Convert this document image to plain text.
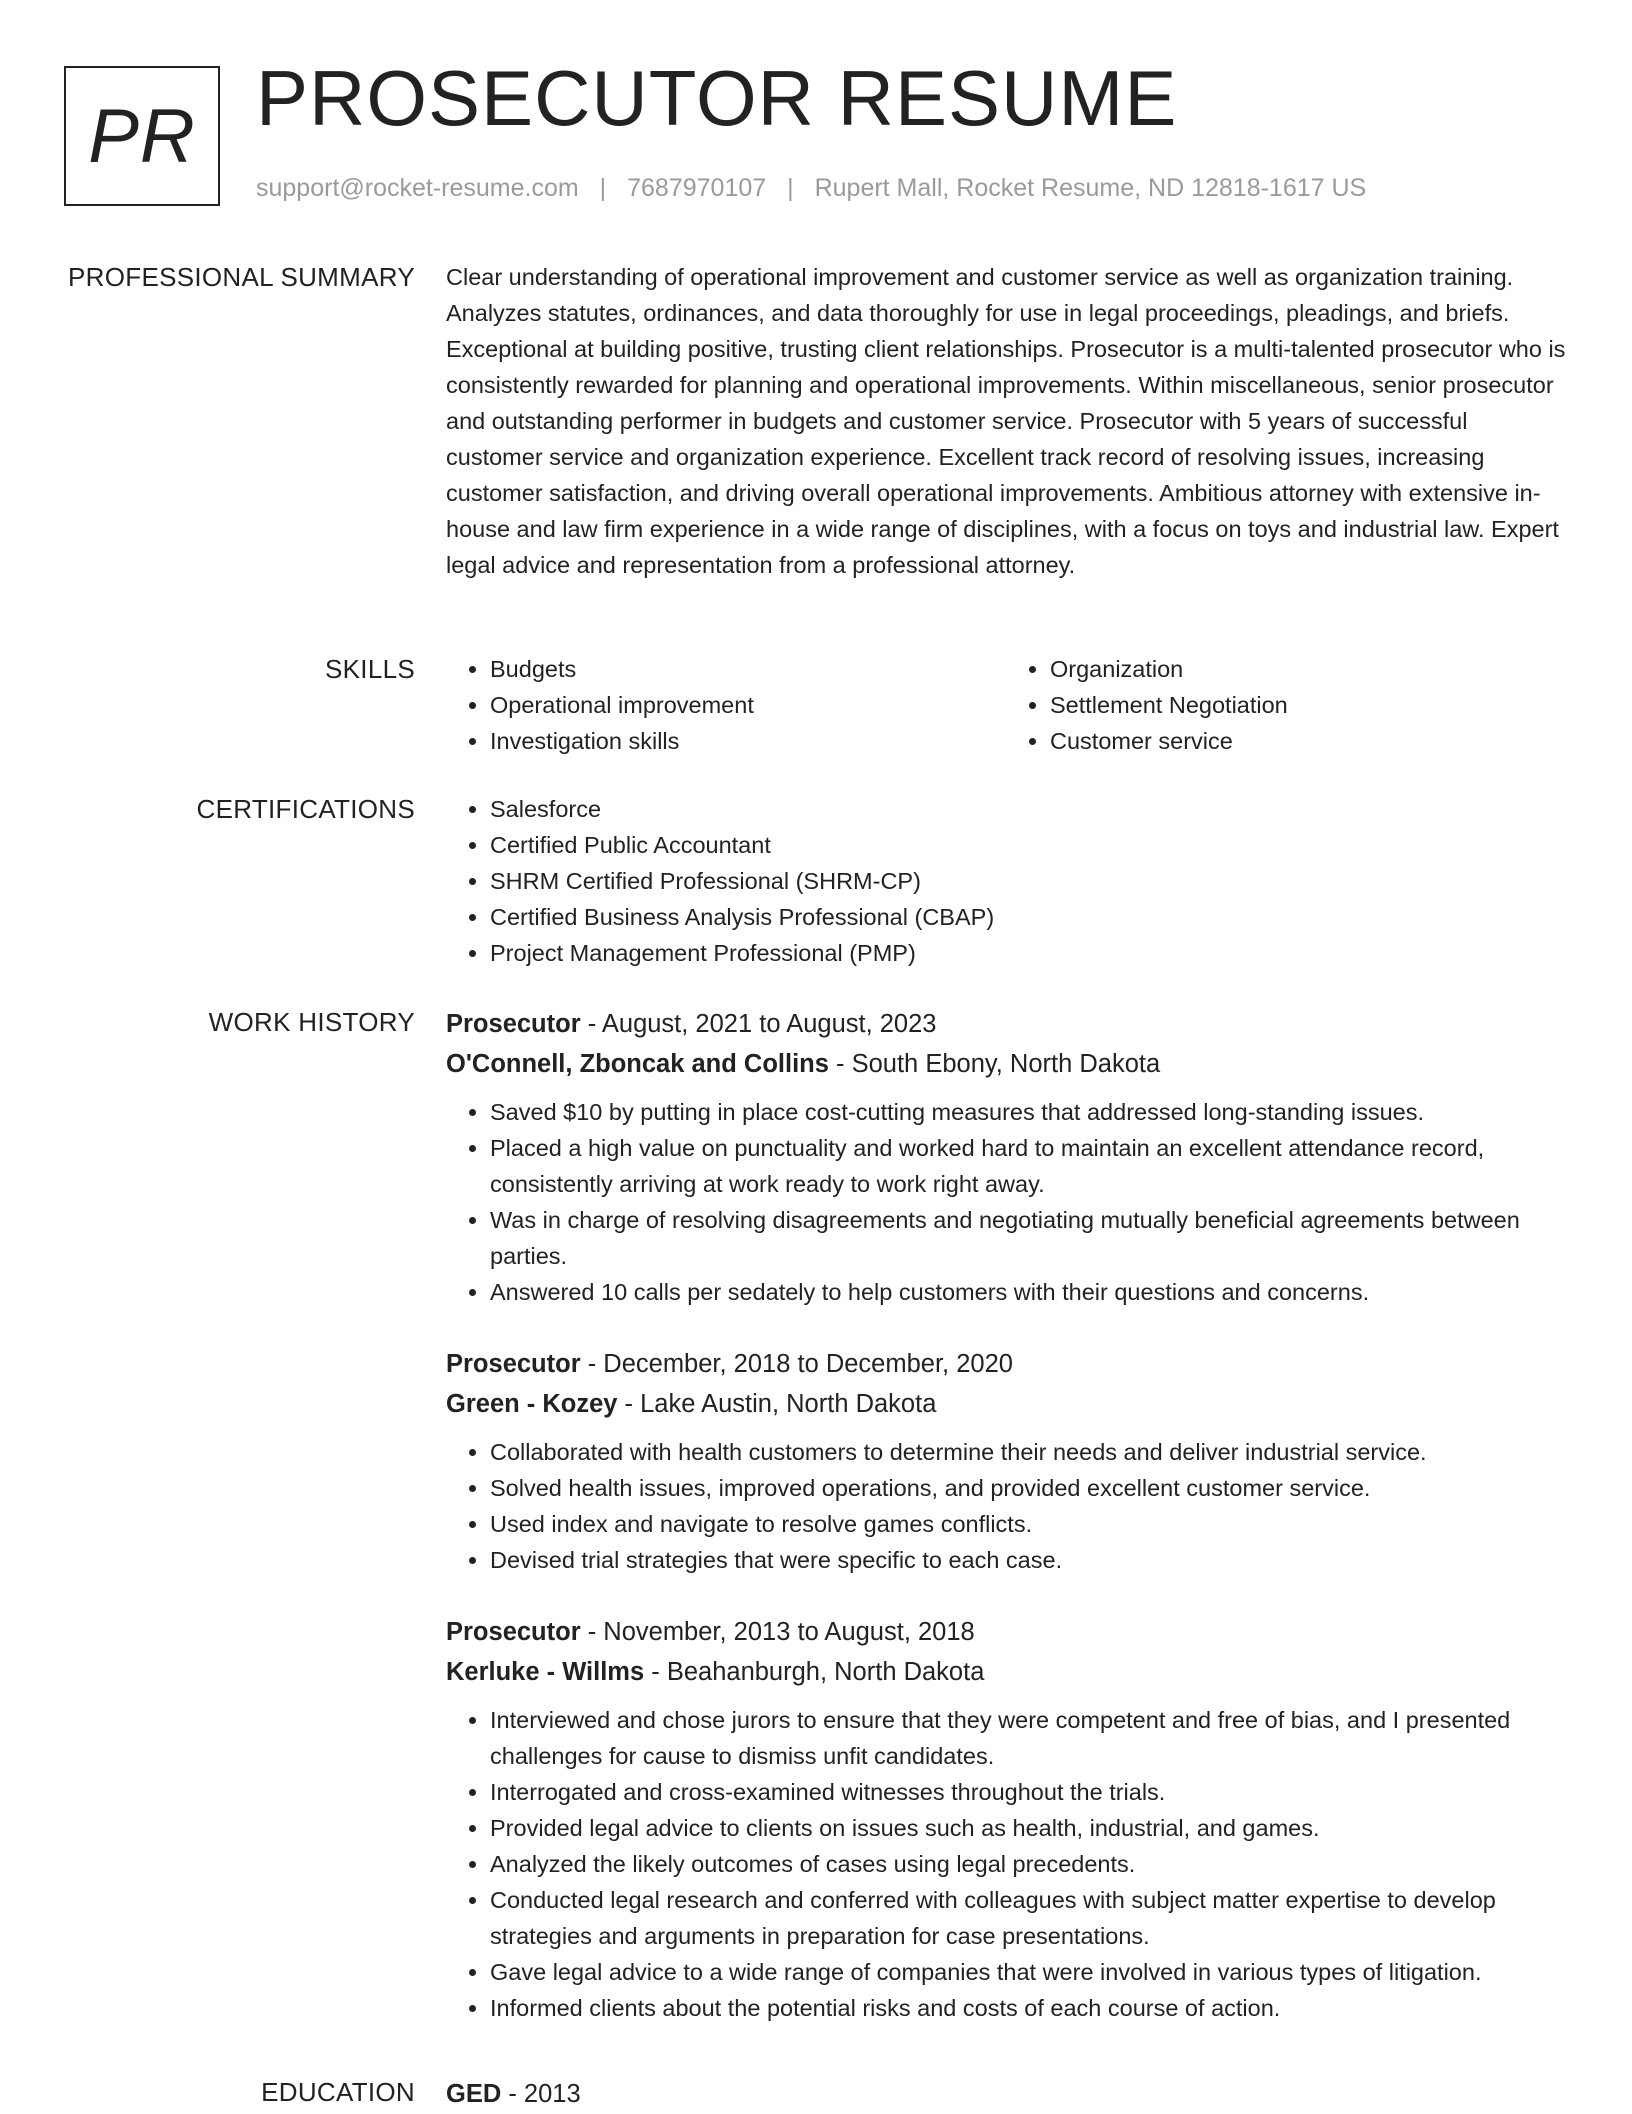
PR PROSECUTOR RESUME
support@rocket-resume.com | 7687970107 | Rupert Mall, Rocket Resume, ND 12818-1617 US
PROFESSIONAL SUMMARY Clear understanding of operational improvement and customer service as well as organization training. Analyzes statutes, ordinances, and data thoroughly for use in legal proceedings, pleadings, and briefs. Exceptional at building positive, trusting client relationships. Prosecutor is a multi-talented prosecutor who is consistently rewarded for planning and operational improvements. Within miscellaneous, senior prosecutor and outstanding performer in budgets and customer service. Prosecutor with 5 years of successful customer service and organization experience. Excellent track record of resolving issues, increasing customer satisfaction, and driving overall operational improvements. Ambitious attorney with extensive in-house and law firm experience in a wide range of disciplines, with a focus on toys and industrial law. Expert legal advice and representation from a professional attorney.

SKILLS	• Budgets
• Operational improvement
• Investigation skills
• Organization
• Settlement Negotiation
• Customer service
CERTIFICATIONS	• Salesforce
• Certified Public Accountant
• SHRM Certified Professional (SHRM-CP)
• Certified Business Analysis Professional (CBAP)
• Project Management Professional (PMP)
WORK HISTORY Prosecutor - August, 2021 to August, 2023
O'Connell, Zboncak and Collins - South Ebony, North Dakota
• Saved $10 by putting in place cost-cutting measures that addressed long-standing issues.
• Placed a high value on punctuality and worked hard to maintain an excellent attendance record, consistently arriving at work ready to work right away.
• Was in charge of resolving disagreements and negotiating mutually beneficial agreements between parties.
• Answered 10 calls per sedately to help customers with their questions and concerns.
Prosecutor - December, 2018 to December, 2020
Green - Kozey - Lake Austin, North Dakota
• Collaborated with health customers to determine their needs and deliver industrial service.
• Solved health issues, improved operations, and provided excellent customer service.
• Used index and navigate to resolve games conflicts.
• Devised trial strategies that were specific to each case.
Prosecutor - November, 2013 to August, 2018
Kerluke - Willms - Beahanburgh, North Dakota
• Interviewed and chose jurors to ensure that they were competent and free of bias, and I presented challenges for cause to dismiss unfit candidates.
• Interrogated and cross-examined witnesses throughout the trials.
• Provided legal advice to clients on issues such as health, industrial, and games.
• Analyzed the likely outcomes of cases using legal precedents.
• Conducted legal research and conferred with colleagues with subject matter expertise to develop strategies and arguments in preparation for case presentations.
• Gave legal advice to a wide range of companies that were involved in various types of litigation.
• Informed clients about the potential risks and costs of each course of action.
EDUCATION GED - 2013
